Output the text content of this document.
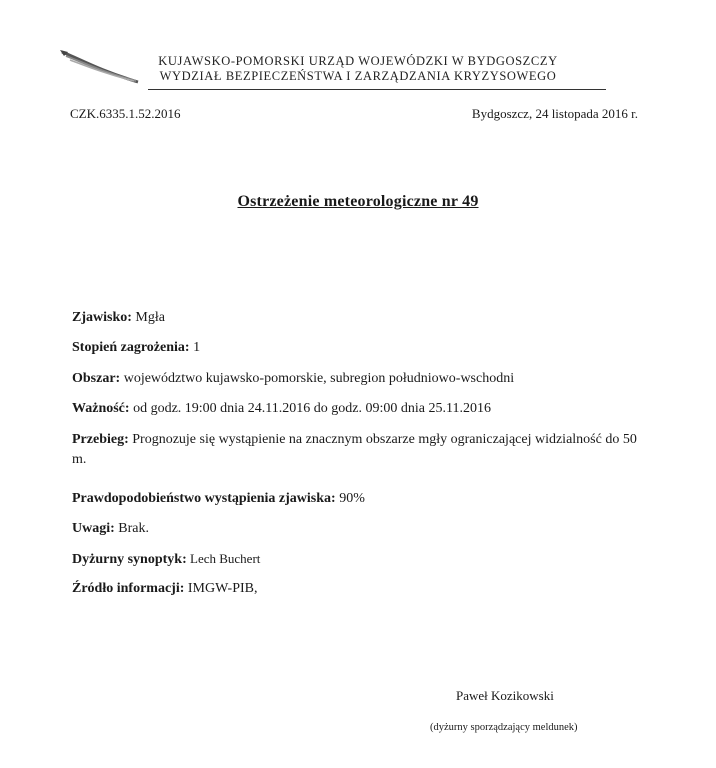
KUJAWSKO-POMORSKI URZĄD WOJEWÓDZKI W BYDGOSZCZY
WYDZIAŁ BEZPIECZEŃSTWA I ZARZĄDZANIA KRYZYSOWEGO
CZK.6335.1.52.2016	Bydgoszcz, 24 listopada 2016 r.
Ostrzeżenie meteorologiczne nr 49
Zjawisko: Mgła
Stopień zagrożenia: 1
Obszar: województwo kujawsko-pomorskie, subregion południowo-wschodni
Ważność: od godz. 19:00 dnia 24.11.2016 do godz. 09:00 dnia 25.11.2016
Przebieg: Prognozuje się wystąpienie na znacznym obszarze mgły ograniczającej widzialność do 50 m.
Prawdopodobieństwo wystąpienia zjawiska: 90%
Uwagi: Brak.
Dyżurny synoptyk: Lech Buchert
Źródło informacji: IMGW-PIB,
Paweł Kozikowski
(dyżurny sporządzający meldunek)
